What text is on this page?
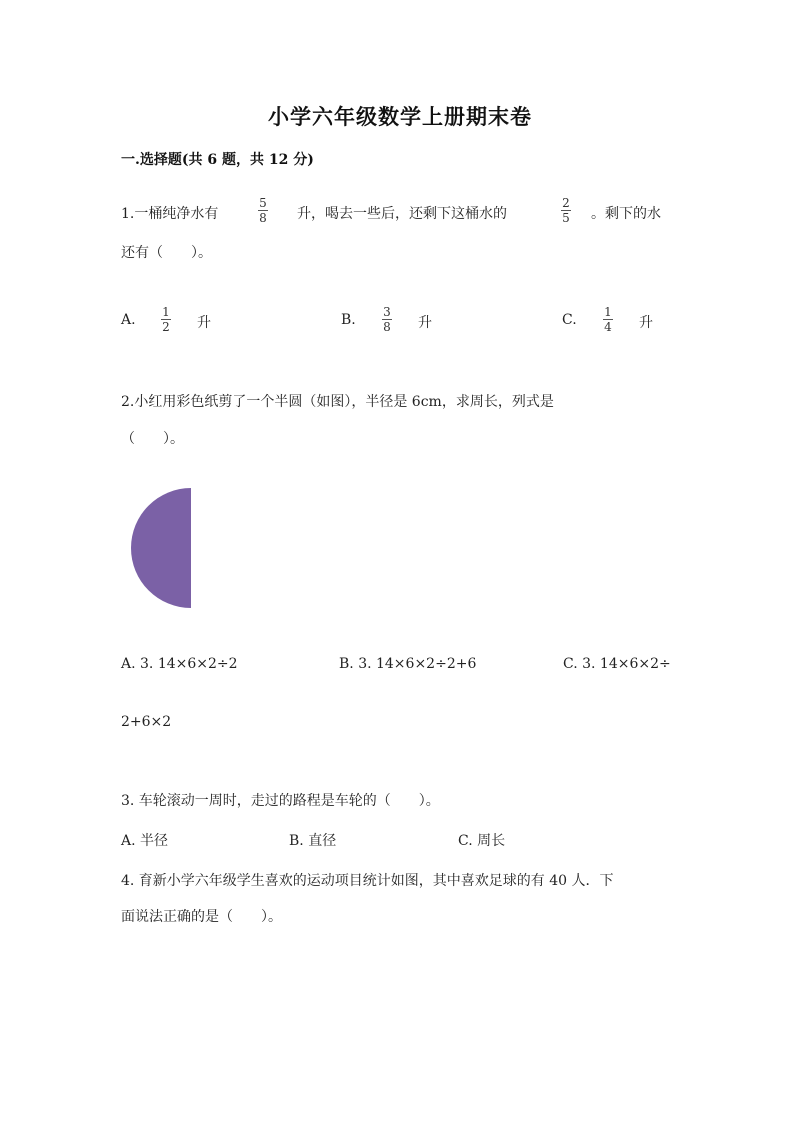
小学六年级数学上册期末卷
一.选择题(共 6 题，共 12 分)
1.一桶纯净水有
5
8 升，喝去一些后，还剩下这桶水的
2
5 。剩下的水
还有（　　）。
A. 1
2 升	B. 3
8 升	C. 1
4 升
2.小红用彩色纸剪了一个半圆（如图），半径是 6cm，求周长，列式是
（　　）。
A. 3. 14×6×2÷2	B. 3. 14×6×2÷2+6	C. 3. 14×6×2÷
2+6×2
3. 车轮滚动一周时，走过的路程是车轮的（　　）。
A. 半径	B. 直径	C. 周长
4. 育新小学六年级学生喜欢的运动项目统计如图，其中喜欢足球的有 40 人．下
面说法正确的是（　　）。
